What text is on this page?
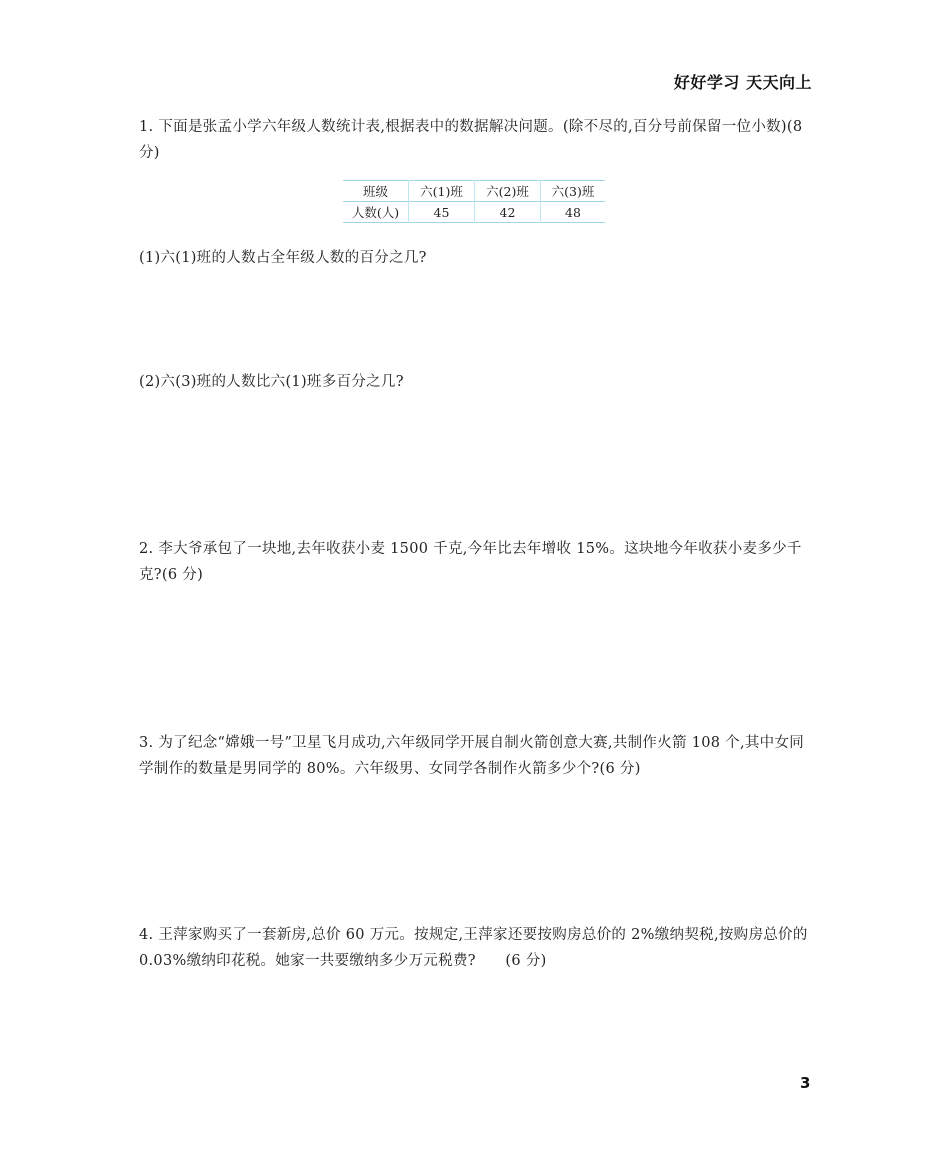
好好学习 天天向上

1. 下面是张孟小学六年级人数统计表,根据表中的数据解决问题。(除不尽的,百分号前保留一位小数)(8 分)

班级	六(1)班	六(2)班	六(3)班
人数(人)	45	42	48

(1)六(1)班的人数占全年级人数的百分之几?

(2)六(3)班的人数比六(1)班多百分之几?

2. 李大爷承包了一块地,去年收获小麦 1500 千克,今年比去年增收 15%。这块地今年收获小麦多少千克?(6 分)

3. 为了纪念“嫦娥一号”卫星飞月成功,六年级同学开展自制火箭创意大赛,共制作火箭 108 个,其中女同学制作的数量是男同学的 80%。六年级男、女同学各制作火箭多少个?(6 分)

4. 王萍家购买了一套新房,总价 60 万元。按规定,王萍家还要按购房总价的 2%缴纳契税,按购房总价的 0.03%缴纳印花税。她家一共要缴纳多少万元税费?　　(6 分)

3
